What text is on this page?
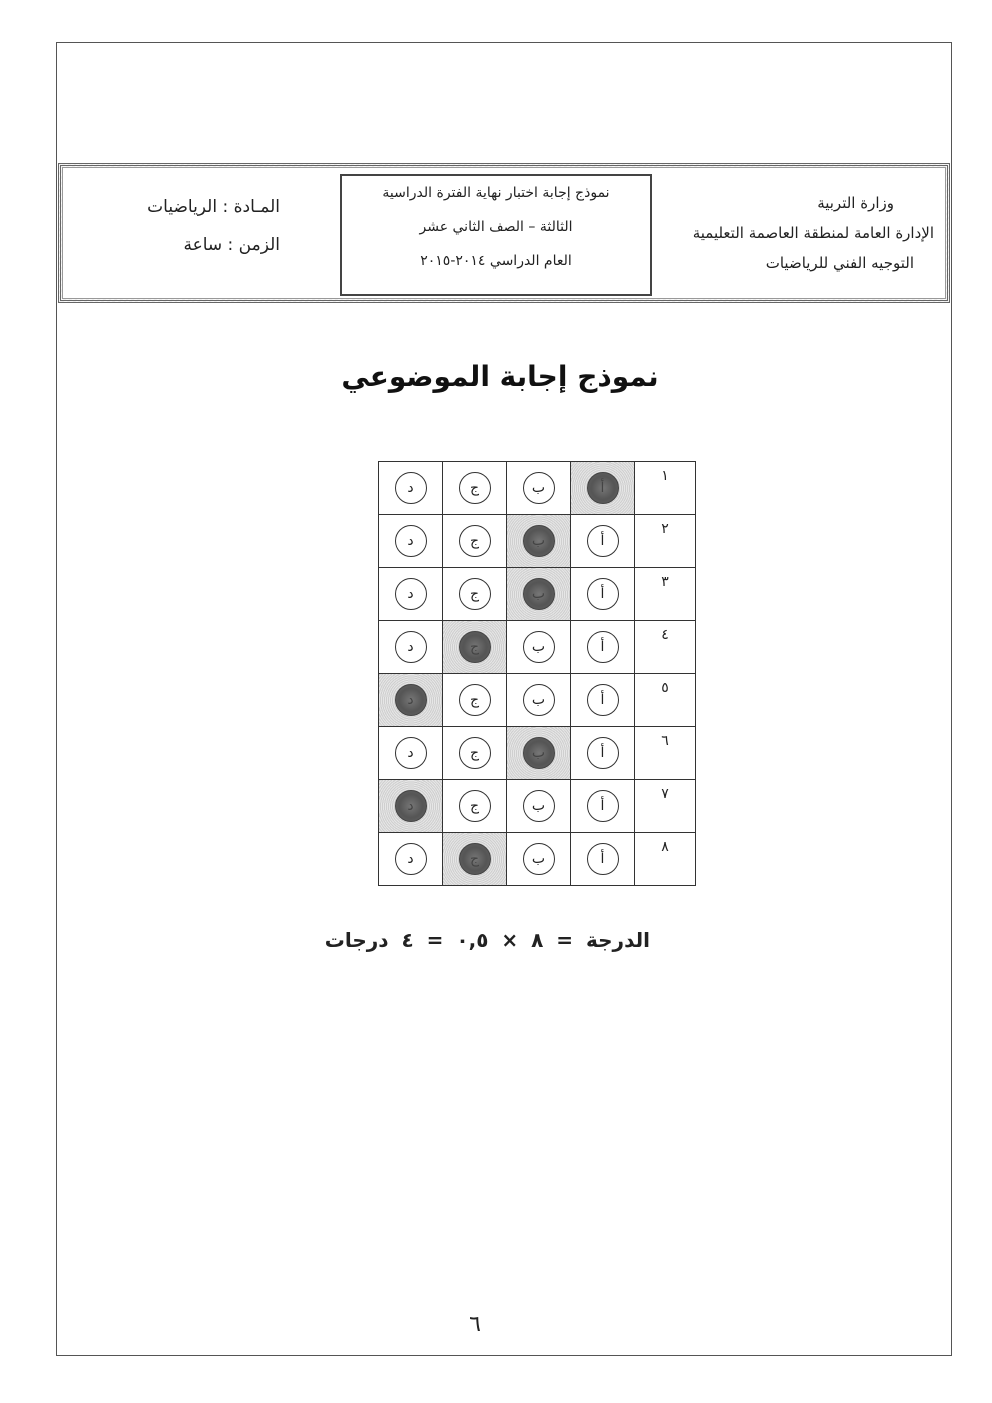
وزارة التربية
الإدارة العامة لمنطقة العاصمة التعليمية
التوجيه الفني للرياضيات
نموذج إجابة اختبار نهاية الفترة الدراسية
الثالثة – الصف الثاني عشر
العام الدراسي ٢٠١٤-٢٠١٥
المـادة : الرياضيات
الزمن : ساعة
نموذج إجابة الموضوعي
١	أ	ب	ج	د
٢	أ	ب	ج	د
٣	أ	ب	ج	د
٤	أ	ب	ج	د
٥	أ	ب	ج	د
٦	أ	ب	ج	د
٧	أ	ب	ج	د
٨	أ	ب	ج	د
الدرجة = ٨ × ٠,٥ = ٤ درجات
٦
